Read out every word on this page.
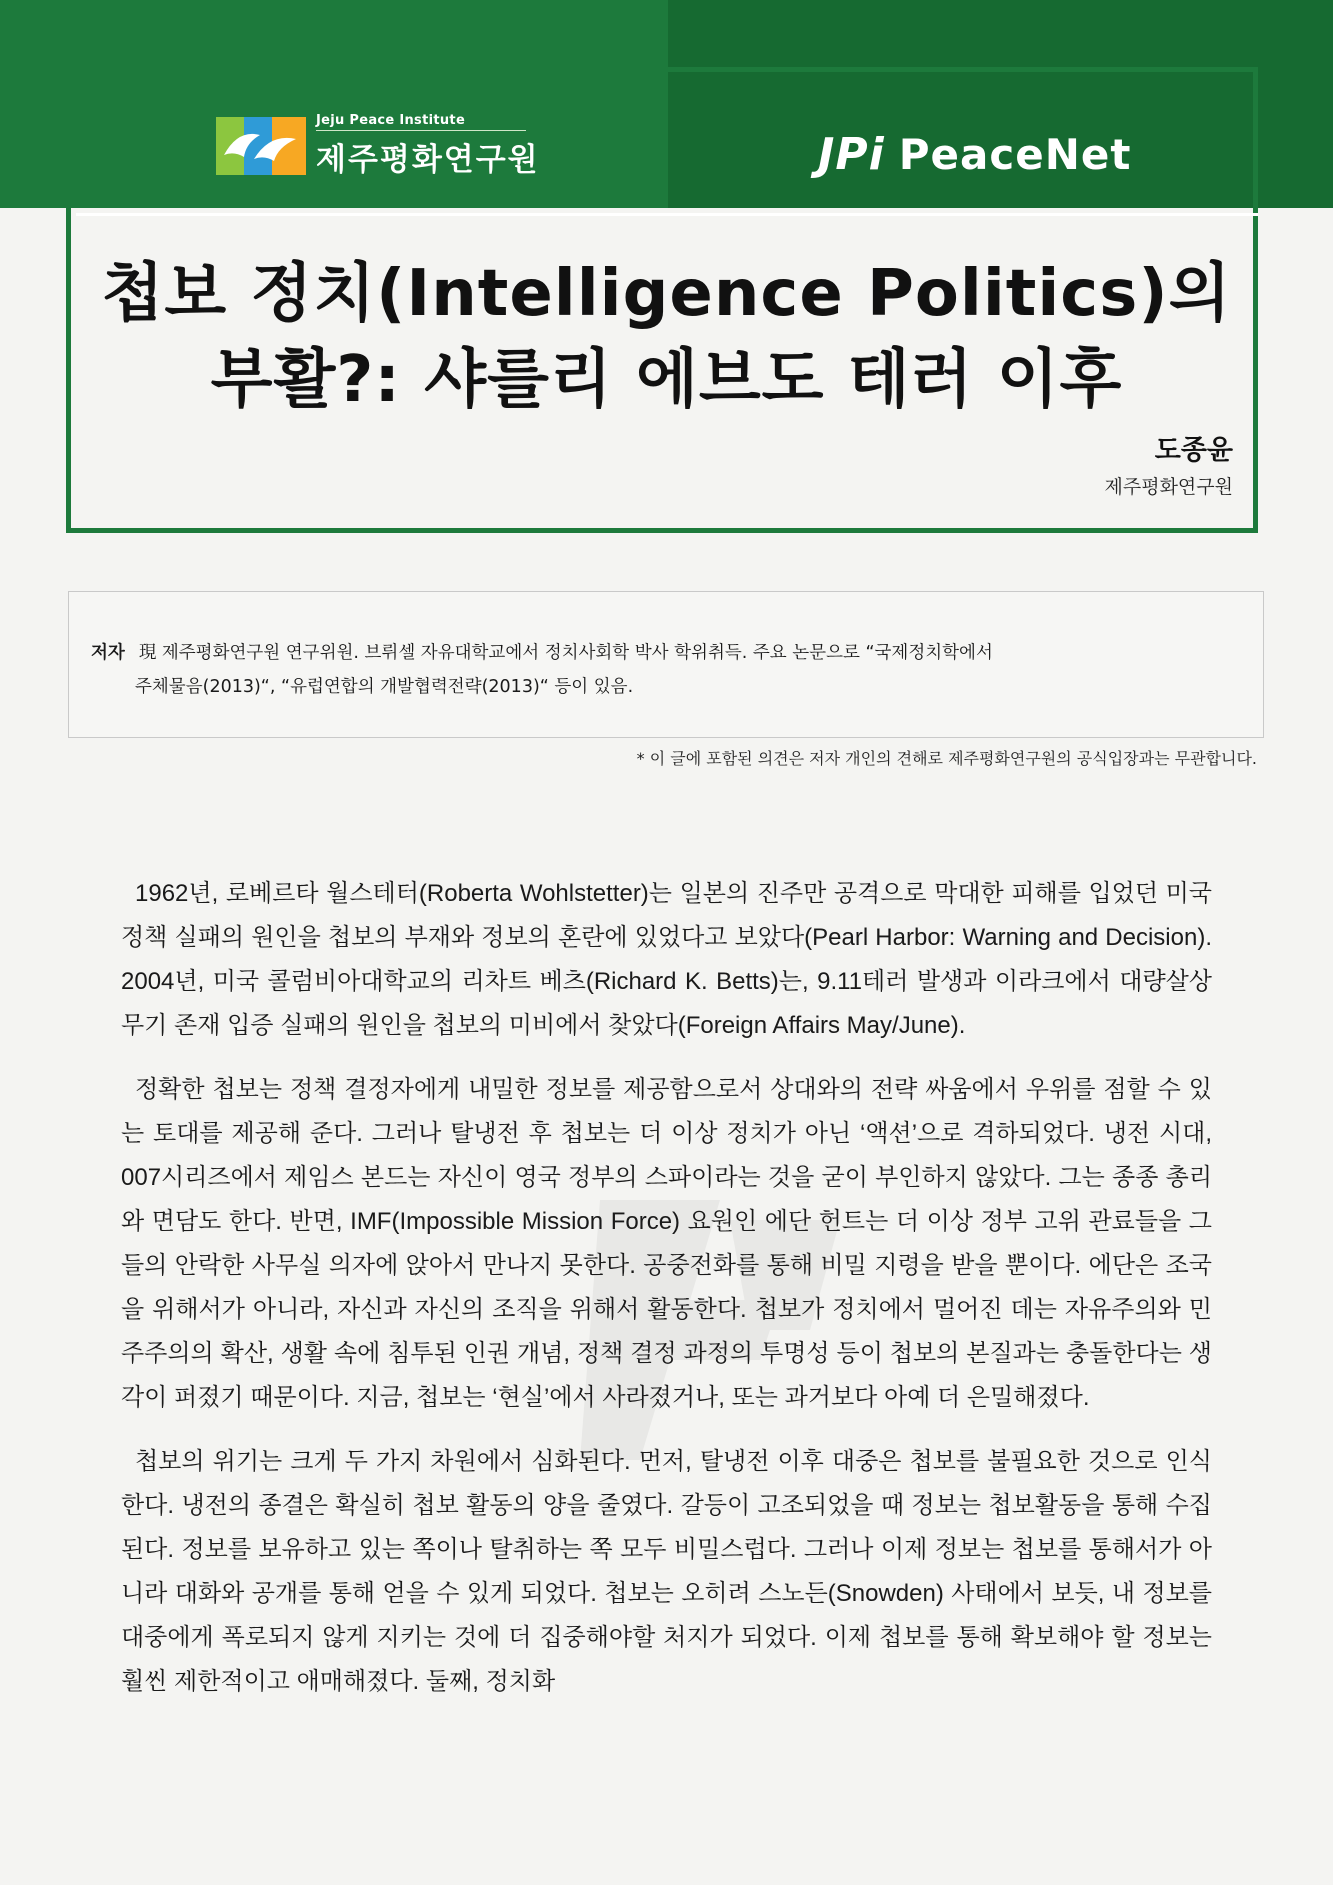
Jeju Peace Institute
제주평화연구원	JPi PeaceNet
첩보 정치(Intelligence Politics)의
부활?: 샤를리 에브도 테러 이후
도종윤
제주평화연구원
저자 現 제주평화연구원 연구위원. 브뤼셀 자유대학교에서 정치사회학 박사 학위취득. 주요 논문으로 “국제정치학에서
주체물음(2013)“, “유럽연합의 개발협력전략(2013)“ 등이 있음.
* 이 글에 포함된 의견은 저자 개인의 견해로 제주평화연구원의 공식입장과는 무관합니다.

1962년, 로베르타 월스테터(Roberta Wohlstetter)는 일본의 진주만 공격으로 막대한 피해를 입었던 미국 정책 실패의 원인을 첩보의 부재와 정보의 혼란에 있었다고 보았다(Pearl Harbor: Warning and Decision). 2004년, 미국 콜럼비아대학교의 리차트 베츠(Richard K. Betts)는, 9.11테러 발생과 이라크에서 대량살상무기 존재 입증 실패의 원인을 첩보의 미비에서 찾았다(Foreign Affairs May/June).

정확한 첩보는 정책 결정자에게 내밀한 정보를 제공함으로서 상대와의 전략 싸움에서 우위를 점할 수 있는 토대를 제공해 준다. 그러나 탈냉전 후 첩보는 더 이상 정치가 아닌 ‘액션’으로 격하되었다. 냉전 시대, 007시리즈에서 제임스 본드는 자신이 영국 정부의 스파이라는 것을 굳이 부인하지 않았다. 그는 종종 총리와 면담도 한다. 반면, IMF(Impossible Mission Force) 요원인 에단 헌트는 더 이상 정부 고위 관료들을 그들의 안락한 사무실 의자에 앉아서 만나지 못한다. 공중전화를 통해 비밀 지령을 받을 뿐이다. 에단은 조국을 위해서가 아니라, 자신과 자신의 조직을 위해서 활동한다. 첩보가 정치에서 멀어진 데는 자유주의와 민주주의의 확산, 생활 속에 침투된 인권 개념, 정책 결정 과정의 투명성 등이 첩보의 본질과는 충돌한다는 생각이 퍼졌기 때문이다. 지금, 첩보는 ‘현실’에서 사라졌거나, 또는 과거보다 아예 더 은밀해졌다.

첩보의 위기는 크게 두 가지 차원에서 심화된다. 먼저, 탈냉전 이후 대중은 첩보를 불필요한 것으로 인식한다. 냉전의 종결은 확실히 첩보 활동의 양을 줄였다. 갈등이 고조되었을 때 정보는 첩보활동을 통해 수집된다. 정보를 보유하고 있는 쪽이나 탈취하는 쪽 모두 비밀스럽다. 그러나 이제 정보는 첩보를 통해서가 아니라 대화와 공개를 통해 얻을 수 있게 되었다. 첩보는 오히려 스노든(Snowden) 사태에서 보듯, 내 정보를 대중에게 폭로되지 않게 지키는 것에 더 집중해야할 처지가 되었다. 이제 첩보를 통해 확보해야 할 정보는 훨씬 제한적이고 애매해졌다. 둘째, 정치화
